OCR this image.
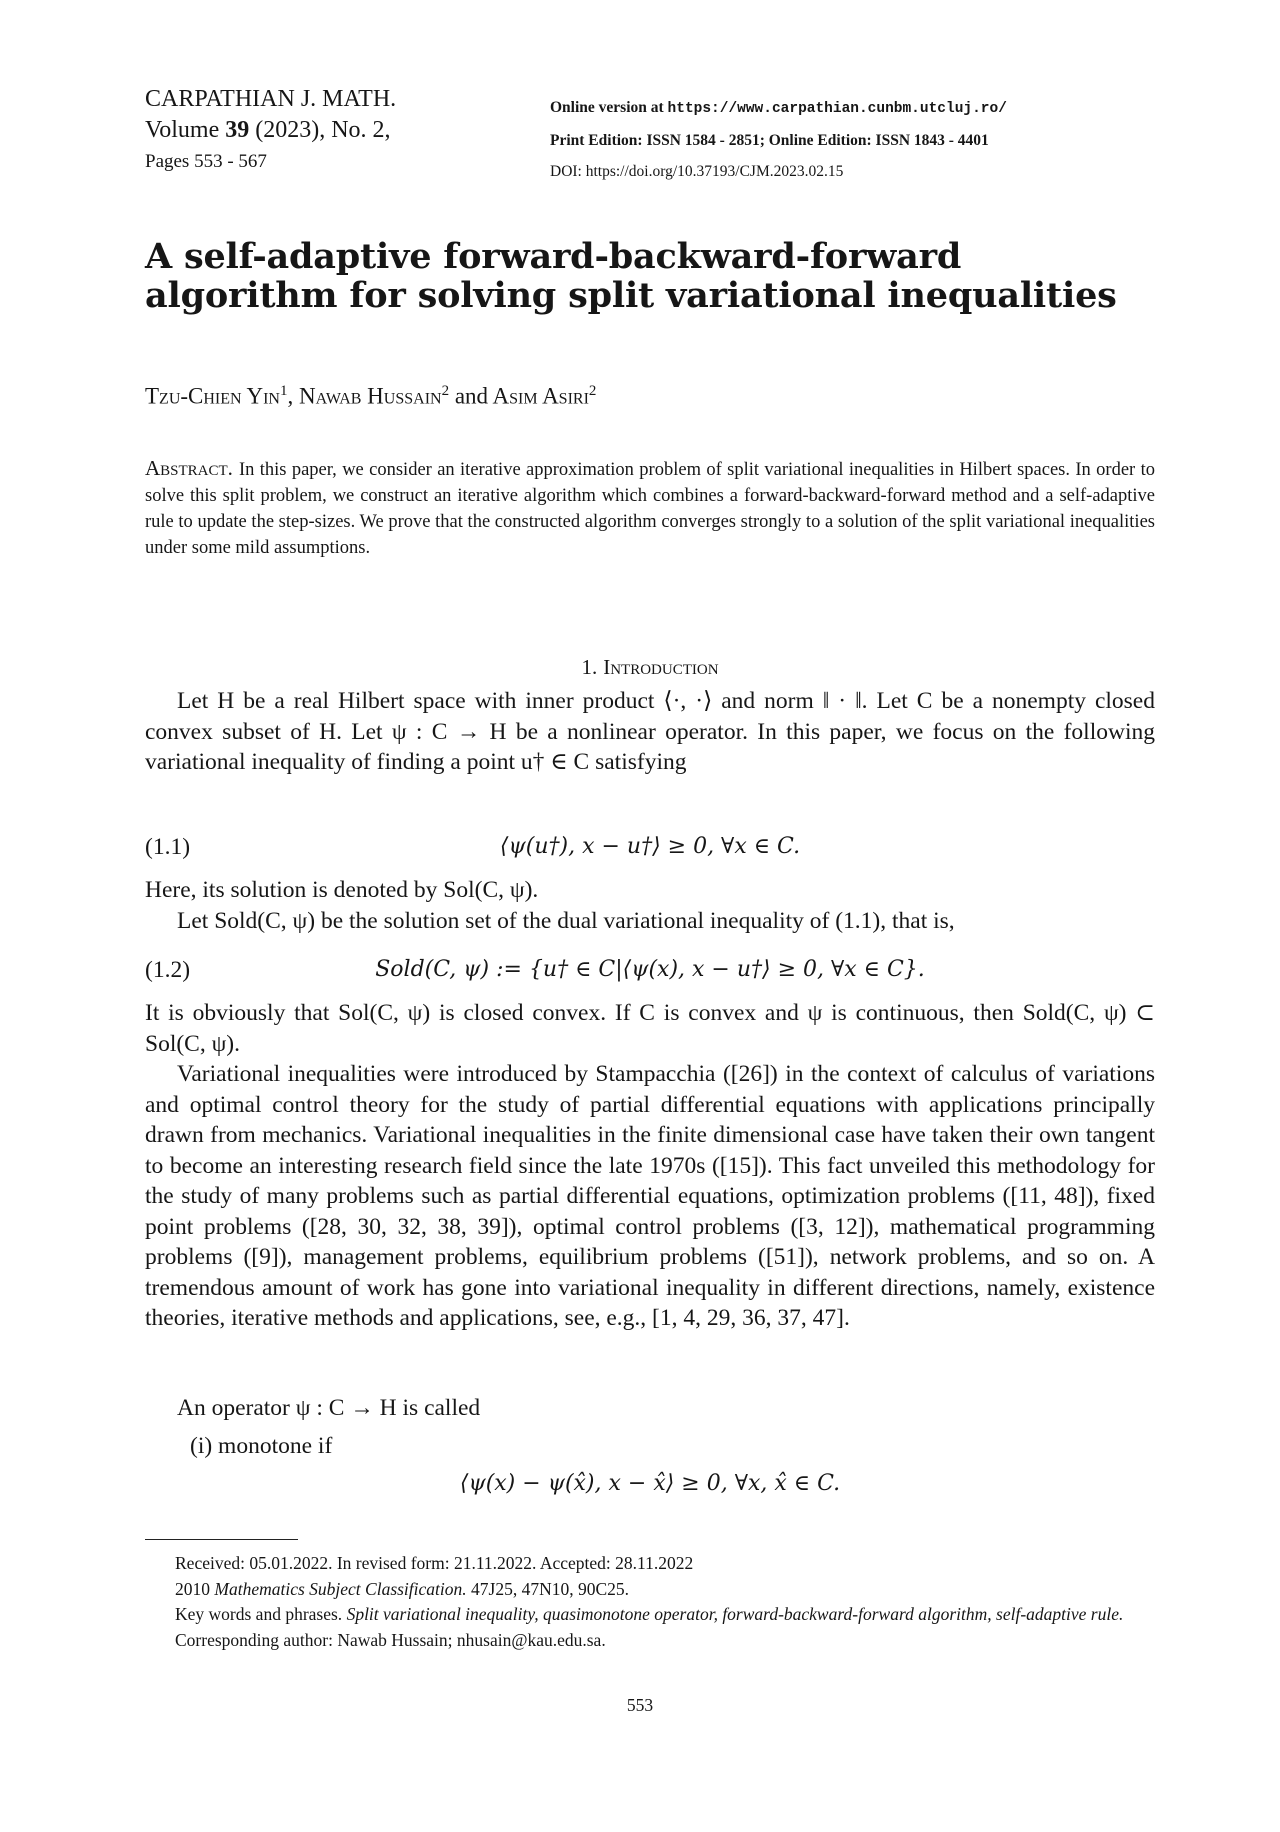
CARPATHIAN J. MATH.
Volume 39 (2023), No. 2,
Pages 553 - 567
Online version at https://www.carpathian.cunbm.utcluj.ro/
Print Edition: ISSN 1584 - 2851; Online Edition: ISSN 1843 - 4401
DOI: https://doi.org/10.37193/CJM.2023.02.15
A self-adaptive forward-backward-forward algorithm for solving split variational inequalities
Tzu-Chien Yin$^1$, Nawab Hussain$^2$ and Asim Asiri$^2$

Abstract. In this paper, we consider an iterative approximation problem of split variational inequalities in Hilbert spaces. In order to solve this split problem, we construct an iterative algorithm which combines a forward-backward-forward method and a self-adaptive rule to update the step-sizes. We prove that the constructed algorithm converges strongly to a solution of the split variational inequalities under some mild assumptions.

1. Introduction

Let H be a real Hilbert space with inner product ⟨·, ·⟩ and norm ‖ · ‖. Let C be a nonempty closed convex subset of H. Let ψ : C → H be a nonlinear operator. In this paper, we focus on the following variational inequality of finding a point u† ∈ C satisfying

(1.1)	⟨ψ(u†), x − u†⟩ ≥ 0, ∀x ∈ C.

Here, its solution is denoted by Sol(C, ψ).

Let Sold(C, ψ) be the solution set of the dual variational inequality of (1.1), that is,

(1.2)	Sold(C, ψ) := {u† ∈ C|⟨ψ(x), x − u†⟩ ≥ 0, ∀x ∈ C}.

It is obviously that Sol(C, ψ) is closed convex. If C is convex and ψ is continuous, then Sold(C, ψ) ⊂ Sol(C, ψ).

Variational inequalities were introduced by Stampacchia ([26]) in the context of calculus of variations and optimal control theory for the study of partial differential equations with applications principally drawn from mechanics. Variational inequalities in the finite dimensional case have taken their own tangent to become an interesting research field since the late 1970s ([15]). This fact unveiled this methodology for the study of many problems such as partial differential equations, optimization problems ([11, 48]), fixed point problems ([28, 30, 32, 38, 39]), optimal control problems ([3, 12]), mathematical programming problems ([9]), management problems, equilibrium problems ([51]), network problems, and so on. A tremendous amount of work has gone into variational inequality in different directions, namely, existence theories, iterative methods and applications, see, e.g., [1, 4, 29, 36, 37, 47].

An operator ψ : C → H is called

(i) monotone if
⟨ψ(x) − ψ(x̂), x − x̂⟩ ≥ 0, ∀x, x̂ ∈ C.

Received: 05.01.2022. In revised form: 21.11.2022. Accepted: 28.11.2022

2010 Mathematics Subject Classification. 47J25, 47N10, 90C25.

Key words and phrases. Split variational inequality, quasimonotone operator, forward-backward-forward algorithm, self-adaptive rule.

Corresponding author: Nawab Hussain; nhusain@kau.edu.sa.

553
